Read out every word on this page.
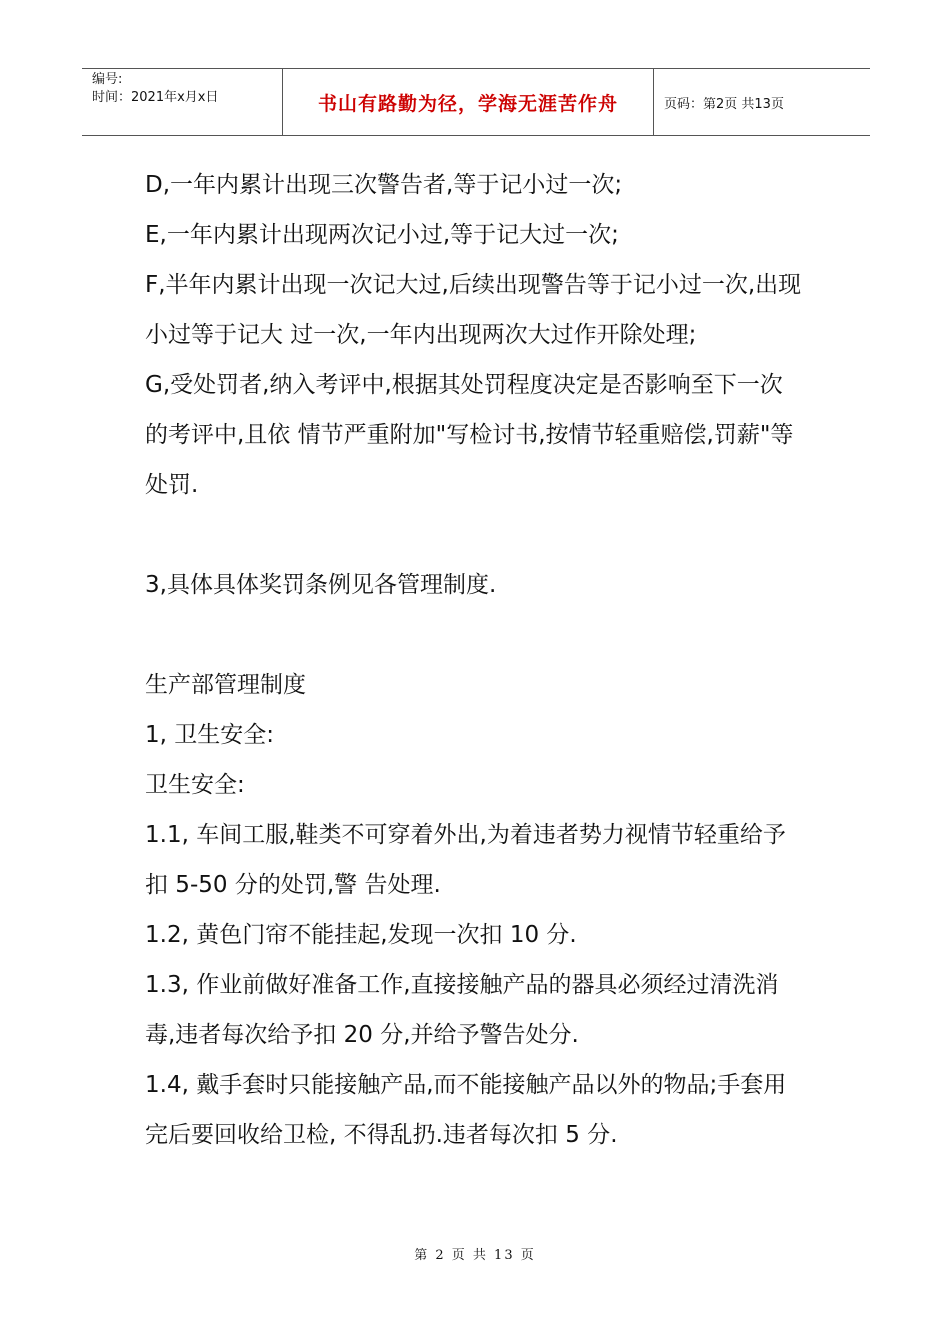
编号:
时间：2021年x月x日	书山有路勤为径，学海无涯苦作舟	页码：第2页 共13页

D,一年内累计出现三次警告者,等于记小过一次;

E,一年内累计出现两次记小过,等于记大过一次;

F,半年内累计出现一次记大过,后续出现警告等于记小过一次,出现小过等于记大 过一次,一年内出现两次大过作开除处理;

G,受处罚者,纳入考评中,根据其处罚程度决定是否影响至下一次的考评中,且依 情节严重附加"写检讨书,按情节轻重赔偿,罚薪"等处罚.

3,具体具体奖罚条例见各管理制度.

生产部管理制度

1, 卫生安全:

卫生安全:

1.1, 车间工服,鞋类不可穿着外出,为着违者势力视情节轻重给予扣 5-50 分的处罚,警 告处理.

1.2, 黄色门帘不能挂起,发现一次扣 10 分.

1.3, 作业前做好准备工作,直接接触产品的器具必须经过清洗消毒,违者每次给予扣 20 分,并给予警告处分.

1.4, 戴手套时只能接触产品,而不能接触产品以外的物品;手套用完后要回收给卫检, 不得乱扔.违者每次扣 5 分.

第 2 页 共 13 页
